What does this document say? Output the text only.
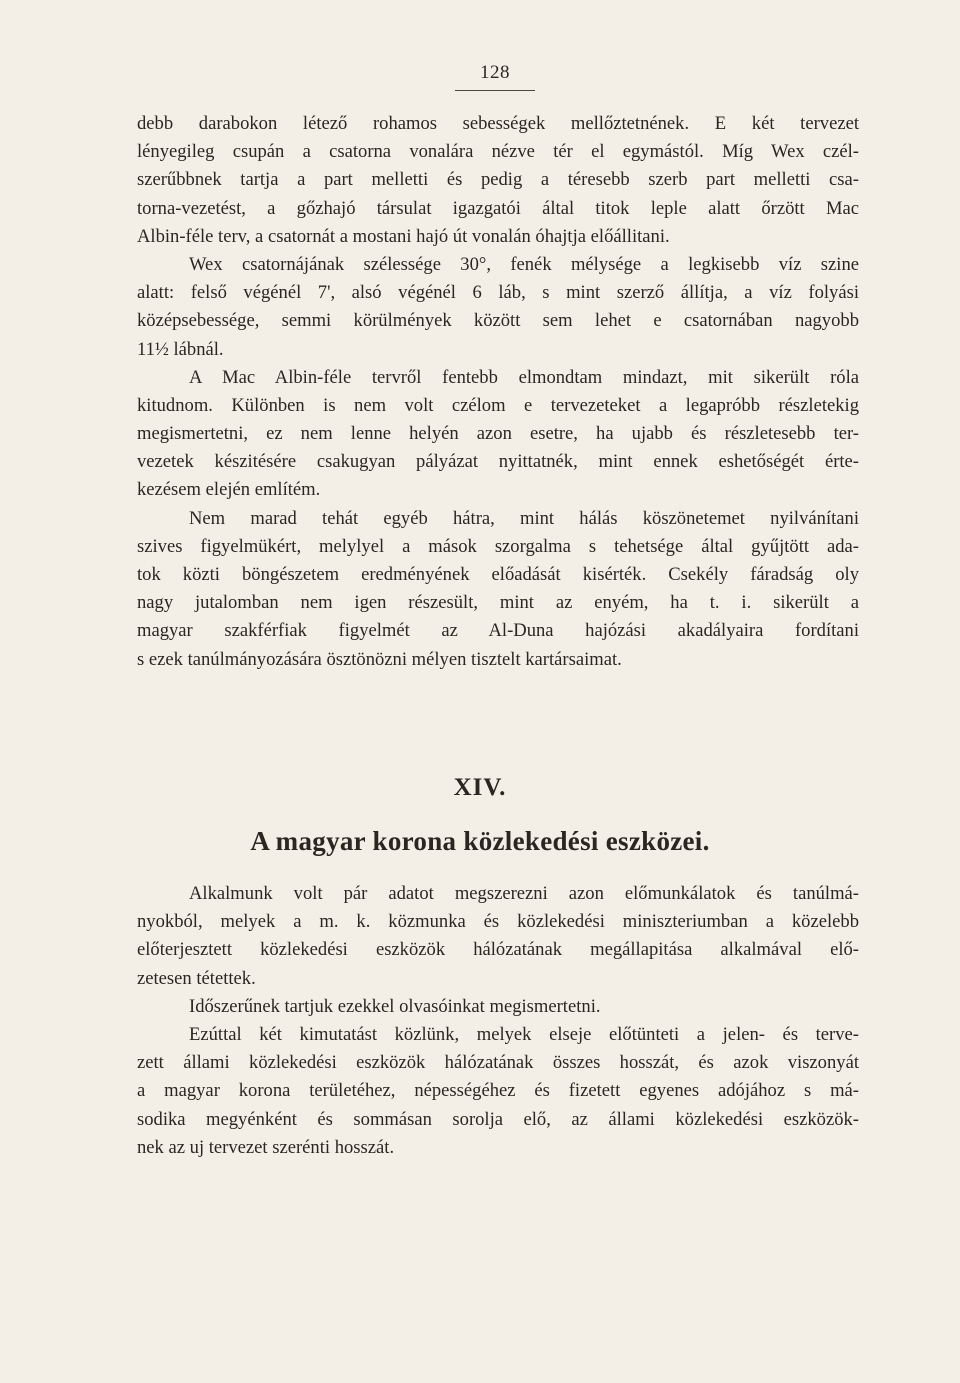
128
debb darabokon létező rohamos sebességek mellőztetnének. E két tervezet
lényegileg csupán a csatorna vonalára nézve tér el egymástól. Míg Wex czél-
szerűbbnek tartja a part melletti és pedig a téresebb szerb part melletti csa-
torna-vezetést, a gőzhajó társulat igazgatói által titok leple alatt őrzött Mac
Albin-féle terv, a csatornát a mostani hajó út vonalán óhajtja előállitani.
Wex csatornájának szélessége 30°, fenék mélysége a legkisebb víz szine
alatt: felső végénél 7', alsó végénél 6 láb, s mint szerző állítja, a víz folyási
középsebessége, semmi körülmények között sem lehet e csatornában nagyobb
11½ lábnál.
A Mac Albin-féle tervről fentebb elmondtam mindazt, mit sikerült róla
kitudnom. Különben is nem volt czélom e tervezeteket a legapróbb részletekig
megismertetni, ez nem lenne helyén azon esetre, ha ujabb és részletesebb ter-
vezetek készitésére csakugyan pályázat nyittatnék, mint ennek eshetőségét érte-
kezésem elején említém.
Nem marad tehát egyéb hátra, mint hálás köszönetemet nyilvánítani
szives figyelmükért, melylyel a mások szorgalma s tehetsége által gyűjtött ada-
tok közti böngészetem eredményének előadását kisérték. Csekély fáradság oly
nagy jutalomban nem igen részesült, mint az enyém, ha t. i. sikerült a
magyar szakférfiak figyelmét az Al-Duna hajózási akadályaira fordítani
s ezek tanúlmányozására ösztönözni mélyen tisztelt kartársaimat.
XIV.
A magyar korona közlekedési eszközei.
Alkalmunk volt pár adatot megszerezni azon előmunkálatok és tanúlmá-
nyokból, melyek a m. k. közmunka és közlekedési miniszteriumban a közelebb
előterjesztett közlekedési eszközök hálózatának megállapitása alkalmával elő-
zetesen tétettek.
Időszerűnek tartjuk ezekkel olvasóinkat megismertetni.
Ezúttal két kimutatást közlünk, melyek elseje előtünteti a jelen- és terve-
zett állami közlekedési eszközök hálózatának összes hosszát, és azok viszonyát
a magyar korona területéhez, népességéhez és fizetett egyenes adójához s má-
sodika megyénként és sommásan sorolja elő, az állami közlekedési eszközök-
nek az uj tervezet szerénti hosszát.
